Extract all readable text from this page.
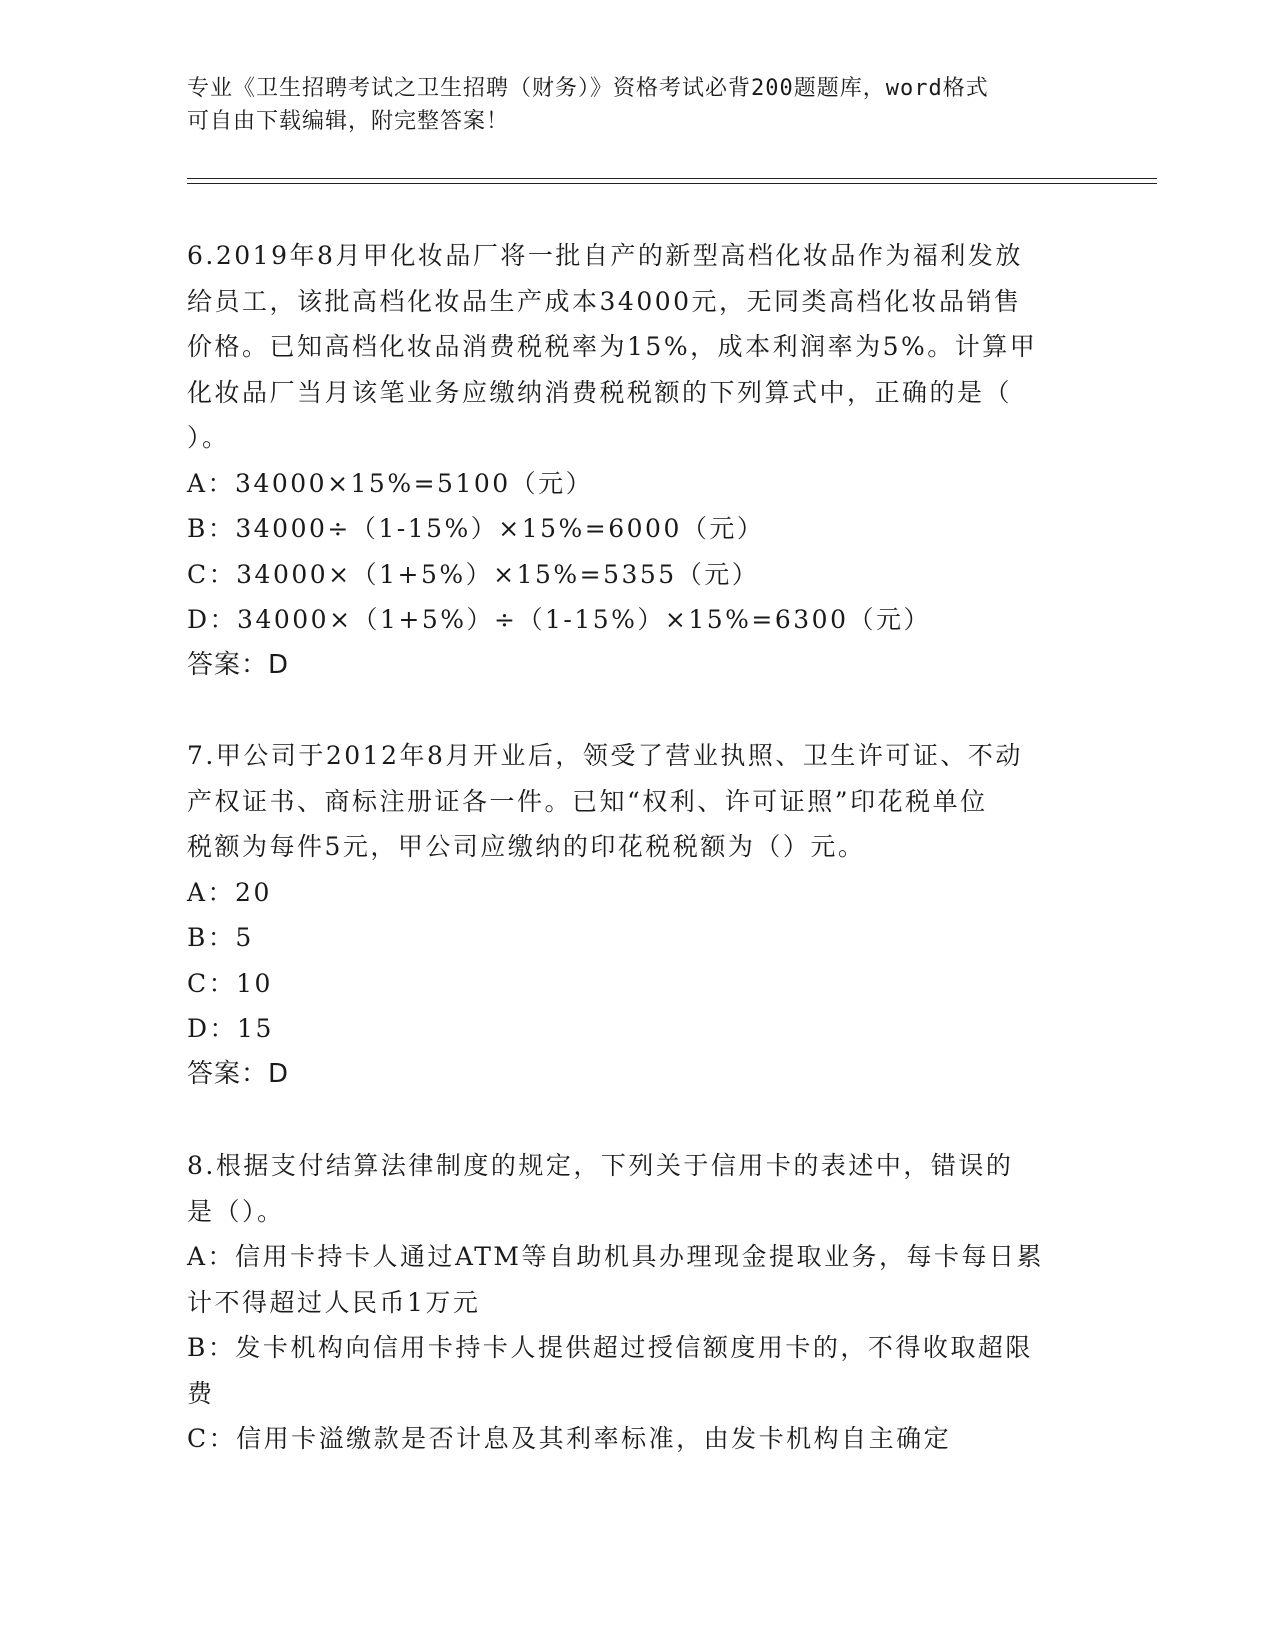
专业《卫生招聘考试之卫生招聘（财务）》资格考试必背200题题库，word格式
可自由下载编辑，附完整答案！

6.2019年8月甲化妆品厂将一批自产的新型高档化妆品作为福利发放

给员工，该批高档化妆品生产成本34000元，无同类高档化妆品销售

价格。已知高档化妆品消费税税率为15%，成本利润率为5%。计算甲

化妆品厂当月该笔业务应缴纳消费税税额的下列算式中，正确的是（

）。

A：34000×15%=5100（元）

B：34000÷（1-15%）×15%=6000（元）

C：34000×（1+5%）×15%=5355（元）

D：34000×（1+5%）÷（1-15%）×15%=6300（元）

答案：D

7.甲公司于2012年8月开业后，领受了营业执照、卫生许可证、不动

产权证书、商标注册证各一件。已知“权利、许可证照”印花税单位

税额为每件5元，甲公司应缴纳的印花税税额为（）元。

A：20

B：5

C：10

D：15

答案：D

8.根据支付结算法律制度的规定，下列关于信用卡的表述中，错误的

是（）。

A：信用卡持卡人通过ATM等自助机具办理现金提取业务，每卡每日累

计不得超过人民币1万元

B：发卡机构向信用卡持卡人提供超过授信额度用卡的，不得收取超限

费

C：信用卡溢缴款是否计息及其利率标准，由发卡机构自主确定
